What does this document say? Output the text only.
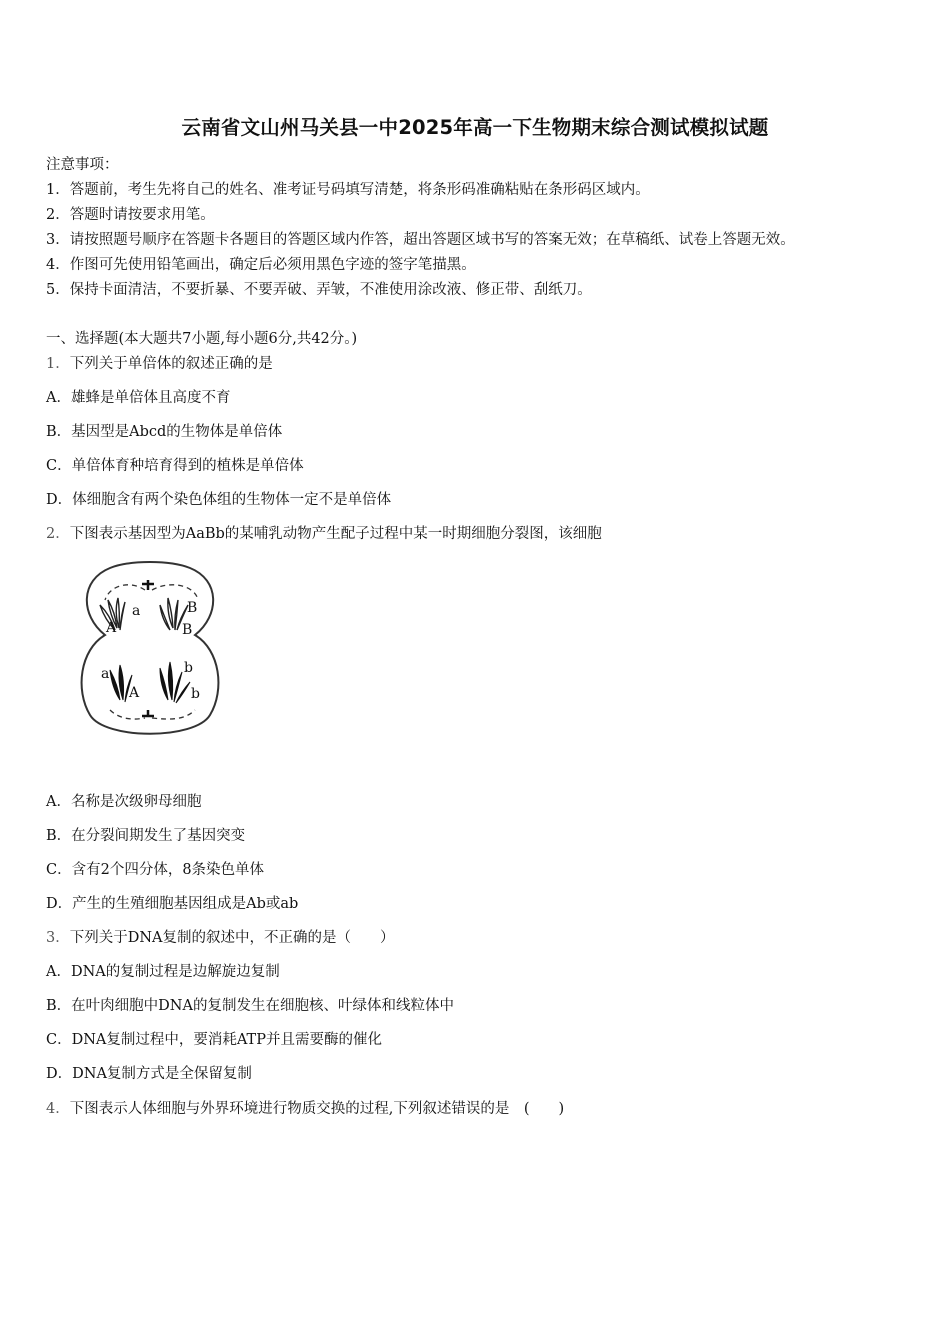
云南省文山州马关县一中2025年高一下生物期末综合测试模拟试题
注意事项：
1．答题前，考生先将自己的姓名、准考证号码填写清楚，将条形码准确粘贴在条形码区域内。
2．答题时请按要求用笔。
3．请按照题号顺序在答题卡各题目的答题区域内作答，超出答题区域书写的答案无效；在草稿纸、试卷上答题无效。
4．作图可先使用铅笔画出，确定后必须用黑色字迹的签字笔描黑。
5．保持卡面清洁，不要折暴、不要弄破、弄皱，不准使用涂改液、修正带、刮纸刀。
一、选择题(本大题共7小题,每小题6分,共42分。)
1．下列关于单倍体的叙述正确的是
A．雄蜂是单倍体且高度不育
B．基因型是Abcd的生物体是单倍体
C．单倍体育种培育得到的植株是单倍体
D．体细胞含有两个染色体组的生物体一定不是单倍体
2．下图表示基因型为AaBb的某哺乳动物产生配子过程中某一时期细胞分裂图，该细胞
a
A
B
B
a
A
b
b
A．名称是次级卵母细胞
B．在分裂间期发生了基因突变
C．含有2个四分体，8条染色单体
D．产生的生殖细胞基因组成是Ab或ab
3．下列关于DNA复制的叙述中，不正确的是（　　）
A．DNA的复制过程是边解旋边复制
B．在叶肉细胞中DNA的复制发生在细胞核、叶绿体和线粒体中
C．DNA复制过程中，要消耗ATP并且需要酶的催化
D．DNA复制方式是全保留复制
4．下图表示人体细胞与外界环境进行物质交换的过程,下列叙述错误的是　(　　)
